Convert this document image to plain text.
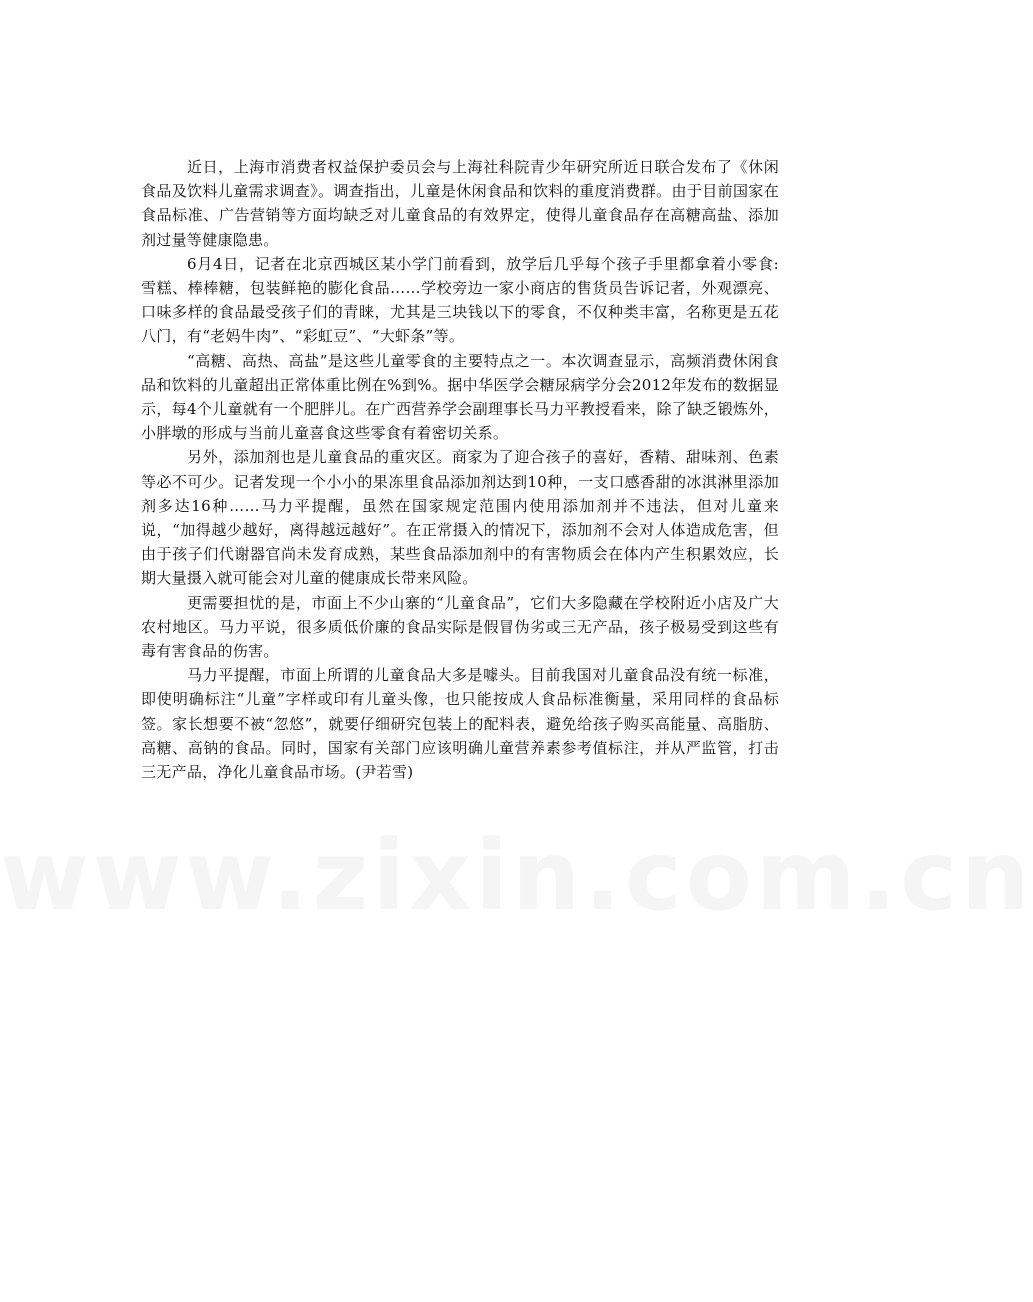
近日，上海市消费者权益保护委员会与上海社科院青少年研究所近日联合发布了《休闲食品及饮料儿童需求调查》。调查指出，儿童是休闲食品和饮料的重度消费群。由于目前国家在食品标准、广告营销等方面均缺乏对儿童食品的有效界定，使得儿童食品存在高糖高盐、添加剂过量等健康隐患。

6月4日，记者在北京西城区某小学门前看到，放学后几乎每个孩子手里都拿着小零食: 雪糕、棒棒糖，包装鲜艳的膨化食品……学校旁边一家小商店的售货员告诉记者，外观漂亮、口味多样的食品最受孩子们的青睐，尤其是三块钱以下的零食，不仅种类丰富，名称更是五花八门，有“老妈牛肉”、“彩虹豆”、“大虾条”等。

“高糖、高热、高盐”是这些儿童零食的主要特点之一。本次调查显示，高频消费休闲食品和饮料的儿童超出正常体重比例在%到%。据中华医学会糖尿病学分会2012年发布的数据显示，每4个儿童就有一个肥胖儿。在广西营养学会副理事长马力平教授看来，除了缺乏锻炼外，小胖墩的形成与当前儿童喜食这些零食有着密切关系。

另外，添加剂也是儿童食品的重灾区。商家为了迎合孩子的喜好，香精、甜味剂、色素等必不可少。记者发现一个小小的果冻里食品添加剂达到10种，一支口感香甜的冰淇淋里添加剂多达16种……马力平提醒，虽然在国家规定范围内使用添加剂并不违法，但对儿童来说，“加得越少越好，离得越远越好”。在正常摄入的情况下，添加剂不会对人体造成危害，但由于孩子们代谢器官尚未发育成熟，某些食品添加剂中的有害物质会在体内产生积累效应，长期大量摄入就可能会对儿童的健康成长带来风险。

更需要担忧的是，市面上不少山寨的“儿童食品”，它们大多隐藏在学校附近小店及广大农村地区。马力平说，很多质低价廉的食品实际是假冒伪劣或三无产品，孩子极易受到这些有毒有害食品的伤害。

马力平提醒，市面上所谓的儿童食品大多是噱头。目前我国对儿童食品没有统一标准，即使明确标注“儿童”字样或印有儿童头像，也只能按成人食品标准衡量，采用同样的食品标签。家长想要不被“忽悠”，就要仔细研究包装上的配料表，避免给孩子购买高能量、高脂肪、高糖、高钠的食品。同时，国家有关部门应该明确儿童营养素参考值标注，并从严监管，打击三无产品，净化儿童食品市场。(尹若雪)

www.zixin.com.cn
